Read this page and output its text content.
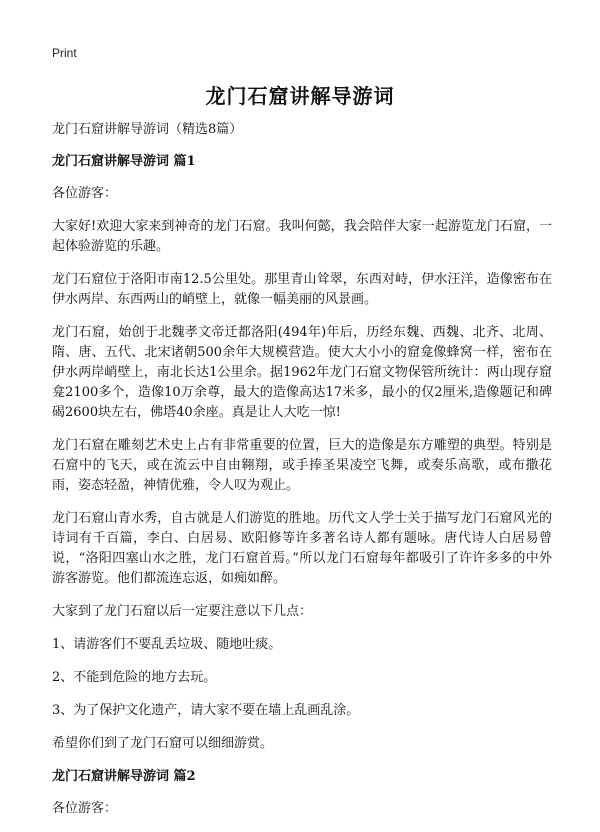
Print
龙门石窟讲解导游词

龙门石窟讲解导游词（精选8篇）

龙门石窟讲解导游词 篇1

各位游客：

大家好!欢迎大家来到神奇的龙门石窟。我叫何懿，我会陪伴大家一起游览龙门石窟，一起体验游览的乐趣。

龙门石窟位于洛阳市南12.5公里处。那里青山耸翠，东西对峙，伊水汪洋，造像密布在伊水两岸、东西两山的峭壁上，就像一幅美丽的风景画。

龙门石窟，始创于北魏孝文帝迁都洛阳(494年)年后，历经东魏、西魏、北齐、北周、隋、唐、五代、北宋诸朝500余年大规模营造。使大大小小的窟龛像蜂窝一样，密布在伊水两岸峭壁上，南北长达1公里余。据1962年龙门石窟文物保管所统计：两山现存窟龛2100多个，造像10万余尊，最大的造像高达17米多，最小的仅2厘米,造像题记和碑碣2600块左右，佛塔40余座。真是让人大吃一惊!

龙门石窟在雕刻艺术史上占有非常重要的位置，巨大的造像是东方雕塑的典型。特别是石窟中的飞天，或在流云中自由翱翔，或手捧圣果凌空飞舞，或奏乐高歌，或布撒花雨，姿态轻盈，神情优雅，令人叹为观止。

龙门石窟山青水秀，自古就是人们游览的胜地。历代文人学士关于描写龙门石窟风光的诗词有千百篇，李白、白居易、欧阳修等许多著名诗人都有题咏。唐代诗人白居易曾说，“洛阳四塞山水之胜，龙门石窟首焉。”所以龙门石窟每年都吸引了许许多多的中外游客游览。他们都流连忘返，如痴如醉。

大家到了龙门石窟以后一定要注意以下几点：

1、请游客们不要乱丢垃圾、随地吐痰。

2、不能到危险的地方去玩。

3、为了保护文化遗产，请大家不要在墙上乱画乱涂。

希望你们到了龙门石窟可以细细游赏。

龙门石窟讲解导游词 篇2

各位游客：
